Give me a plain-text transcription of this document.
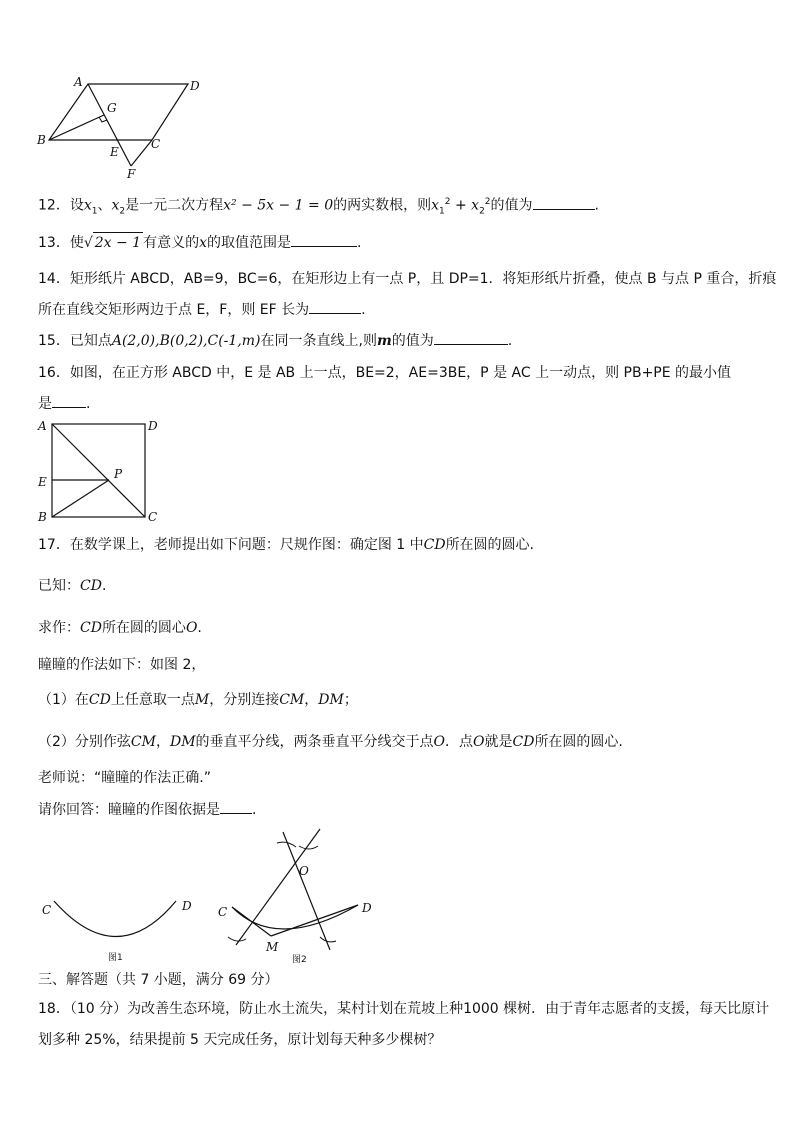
A	D
G
B
E
C
F
12．设$x_1$、$x_2$是一元二次方程x² − 5x − 1 = 0的两实数根，则$x_1^2 + x_2^2$的值为	.
13．使√ 2x − 1 有意义的x的取值范围是	.
14．矩形纸片 ABCD，AB=9，BC=6，在矩形边上有一点 P，且 DP=1．将矩形纸片折叠，使点 B 与点 P 重合，折痕
所在直线交矩形两边于点 E，F，则 EF 长为	.
15．已知点A(2,0),B(0,2),C(-1,m)在同一条直线上,则m的值为	.
16．如图，在正方形 ABCD 中，E 是 AB 上一点，BE=2，AE=3BE，P 是 AC 上一动点，则 PB+PE 的最小值
是 .
A	D
E
P
B	C
17．在数学课上，老师提出如下问题：尺规作图：确定图 1 中CD所在圆的圆心.
已知：CD.
求作：CD所在圆的圆心O.
瞳瞳的作法如下：如图 2，
（1）在CD上任意取一点M，分别连接CM，DM；
（2）分别作弦CM，DM的垂直平分线，两条垂直平分线交于点O．点O就是CD所在圆的圆心.
老师说：“瞳瞳的作法正确.”
请你回答：瞳瞳的作图依据是 .
C	D
图1
O
C	D
M
图2
三、解答题（共 7 小题，满分 69 分）
18．（10 分）为改善生态环境，防止水土流失，某村计划在荒坡上种1000 棵树．由于青年志愿者的支援，每天比原计
划多种 25%，结果提前 5 天完成任务，原计划每天种多少棵树？
